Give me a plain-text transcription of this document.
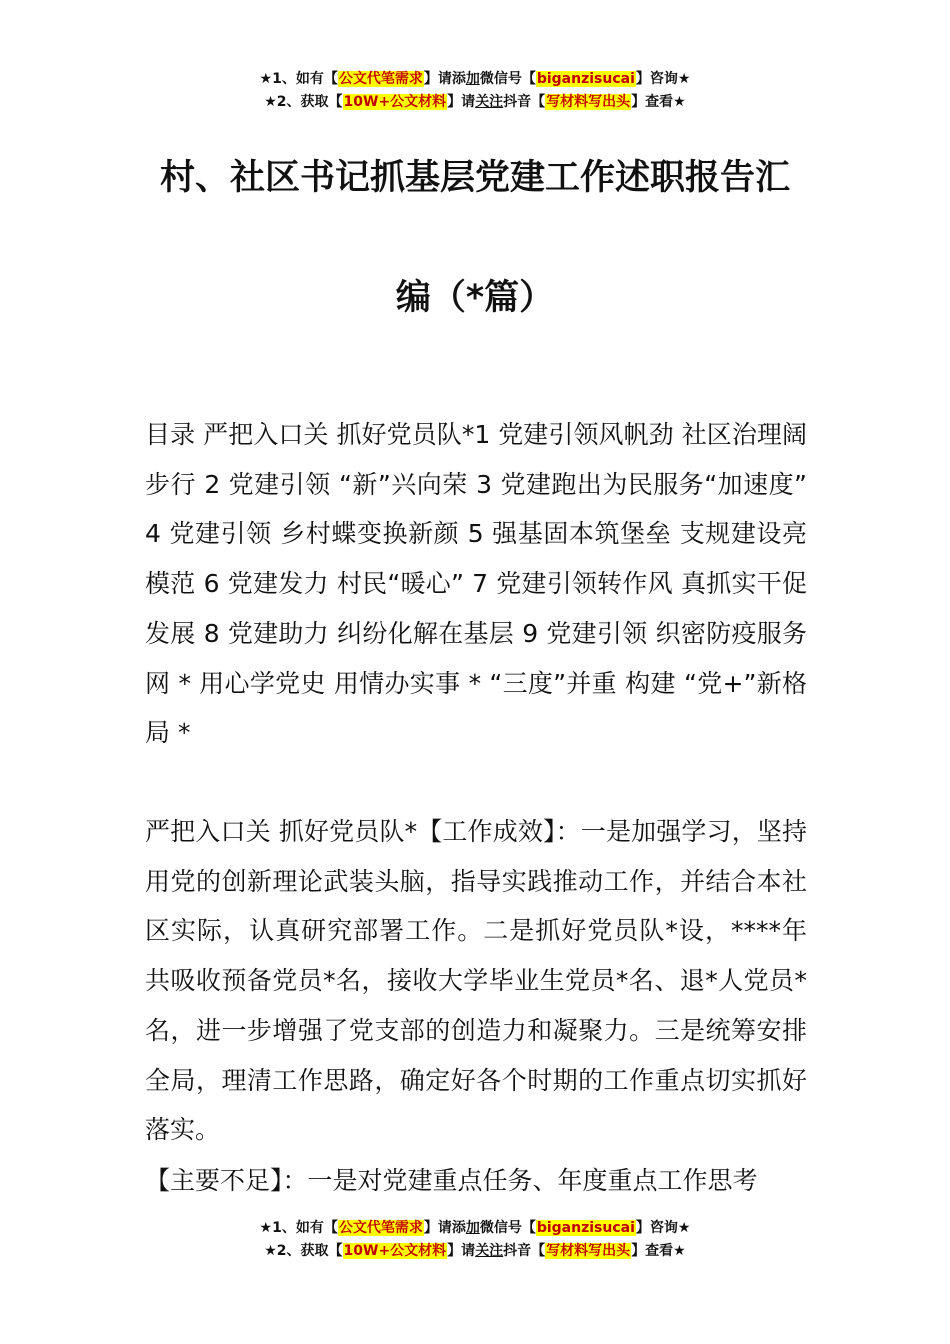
★1、如有【公文代笔需求】请添加微信号【biganzisucai】咨询★
★2、获取【10W+公文材料】请关注抖音【写材料写出头】查看★
村、社区书记抓基层党建工作述职报告汇
编（*篇）
目录 严把入口关 抓好党员队*1 党建引领风帆劲 社区治理阔步行 2 党建引领 “新”兴向荣 3 党建跑出为民服务“加速度” 4 党建引领 乡村蝶变换新颜 5 强基固本筑堡垒 支规建设亮模范 6 党建发力 村民“暖心” 7 党建引领转作风 真抓实干促发展 8 党建助力 纠纷化解在基层 9 党建引领 织密防疫服务网 * 用心学党史 用情办实事 * “三度”并重 构建 “党+”新格局 *
严把入口关 抓好党员队*【工作成效】：一是加强学习，坚持用党的创新理论武装头脑，指导实践推动工作，并结合本社区实际，认真研究部署工作。二是抓好党员队*设，****年共吸收预备党员*名，接收大学毕业生党员*名、退*人党员*名，进一步增强了党支部的创造力和凝聚力。三是统筹安排全局，理清工作思路，确定好各个时期的工作重点切实抓好落实。
【主要不足】：一是对党建重点任务、年度重点工作思考
★1、如有【公文代笔需求】请添加微信号【biganzisucai】咨询★
★2、获取【10W+公文材料】请关注抖音【写材料写出头】查看★
